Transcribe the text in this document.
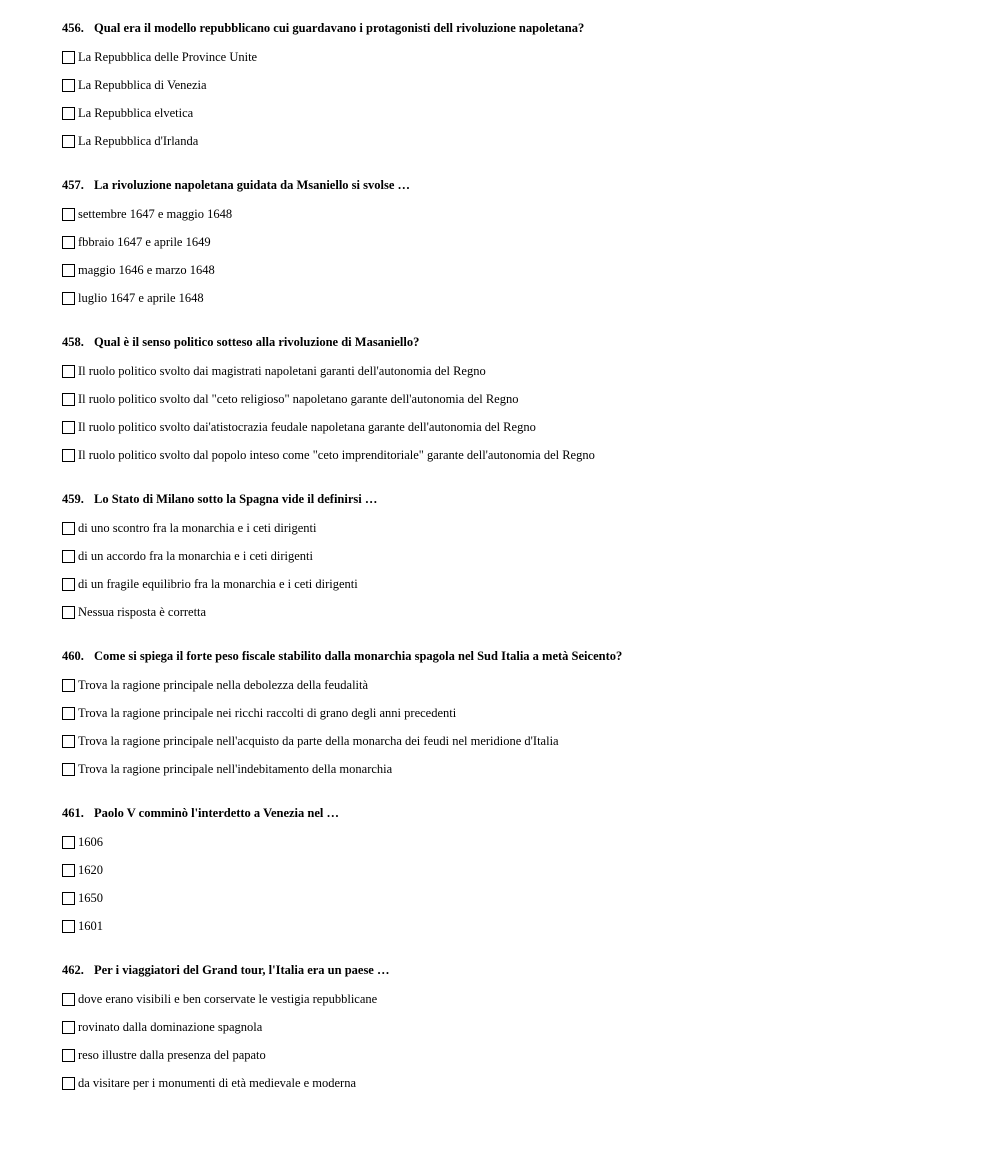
456. Qual era il modello repubblicano cui guardavano i protagonisti dell rivoluzione napoletana?
La Repubblica delle Province Unite
La Repubblica di Venezia
La Repubblica elvetica
La Repubblica d'Irlanda
457. La rivoluzione napoletana guidata da Msaniello si svolse …
settembre 1647 e maggio 1648
fbbraio 1647 e aprile 1649
maggio 1646 e marzo 1648
luglio 1647 e aprile 1648
458. Qual è il senso politico sotteso alla rivoluzione di Masaniello?
Il ruolo politico svolto dai magistrati napoletani garanti dell'autonomia del Regno
Il ruolo politico svolto dal "ceto religioso" napoletano garante dell'autonomia del Regno
Il ruolo politico svolto dai'atistocrazia feudale napoletana garante dell'autonomia del Regno
Il ruolo politico svolto dal popolo inteso come "ceto imprenditoriale" garante dell'autonomia del Regno
459. Lo Stato di Milano sotto la Spagna vide il definirsi …
di uno scontro fra la monarchia e i ceti dirigenti
di un accordo fra la monarchia e i ceti dirigenti
di un fragile equilibrio fra la monarchia e i ceti dirigenti
Nessua risposta è corretta
460. Come si spiega il forte peso fiscale stabilito dalla monarchia spagola nel Sud Italia a metà Seicento?
Trova la ragione principale nella debolezza della feudalità
Trova la ragione principale nei ricchi raccolti di grano degli anni precedenti
Trova la ragione principale nell'acquisto da parte della monarcha dei feudi nel meridione d'Italia
Trova la ragione principale nell'indebitamento della monarchia
461. Paolo V comminò l'interdetto a Venezia nel …
1606
1620
1650
1601
462. Per i viaggiatori del Grand tour, l'Italia era un paese …
dove erano visibili e ben corservate le vestigia repubblicane
rovinato dalla dominazione spagnola
reso illustre dalla presenza del papato
da visitare per i monumenti di età medievale e moderna
